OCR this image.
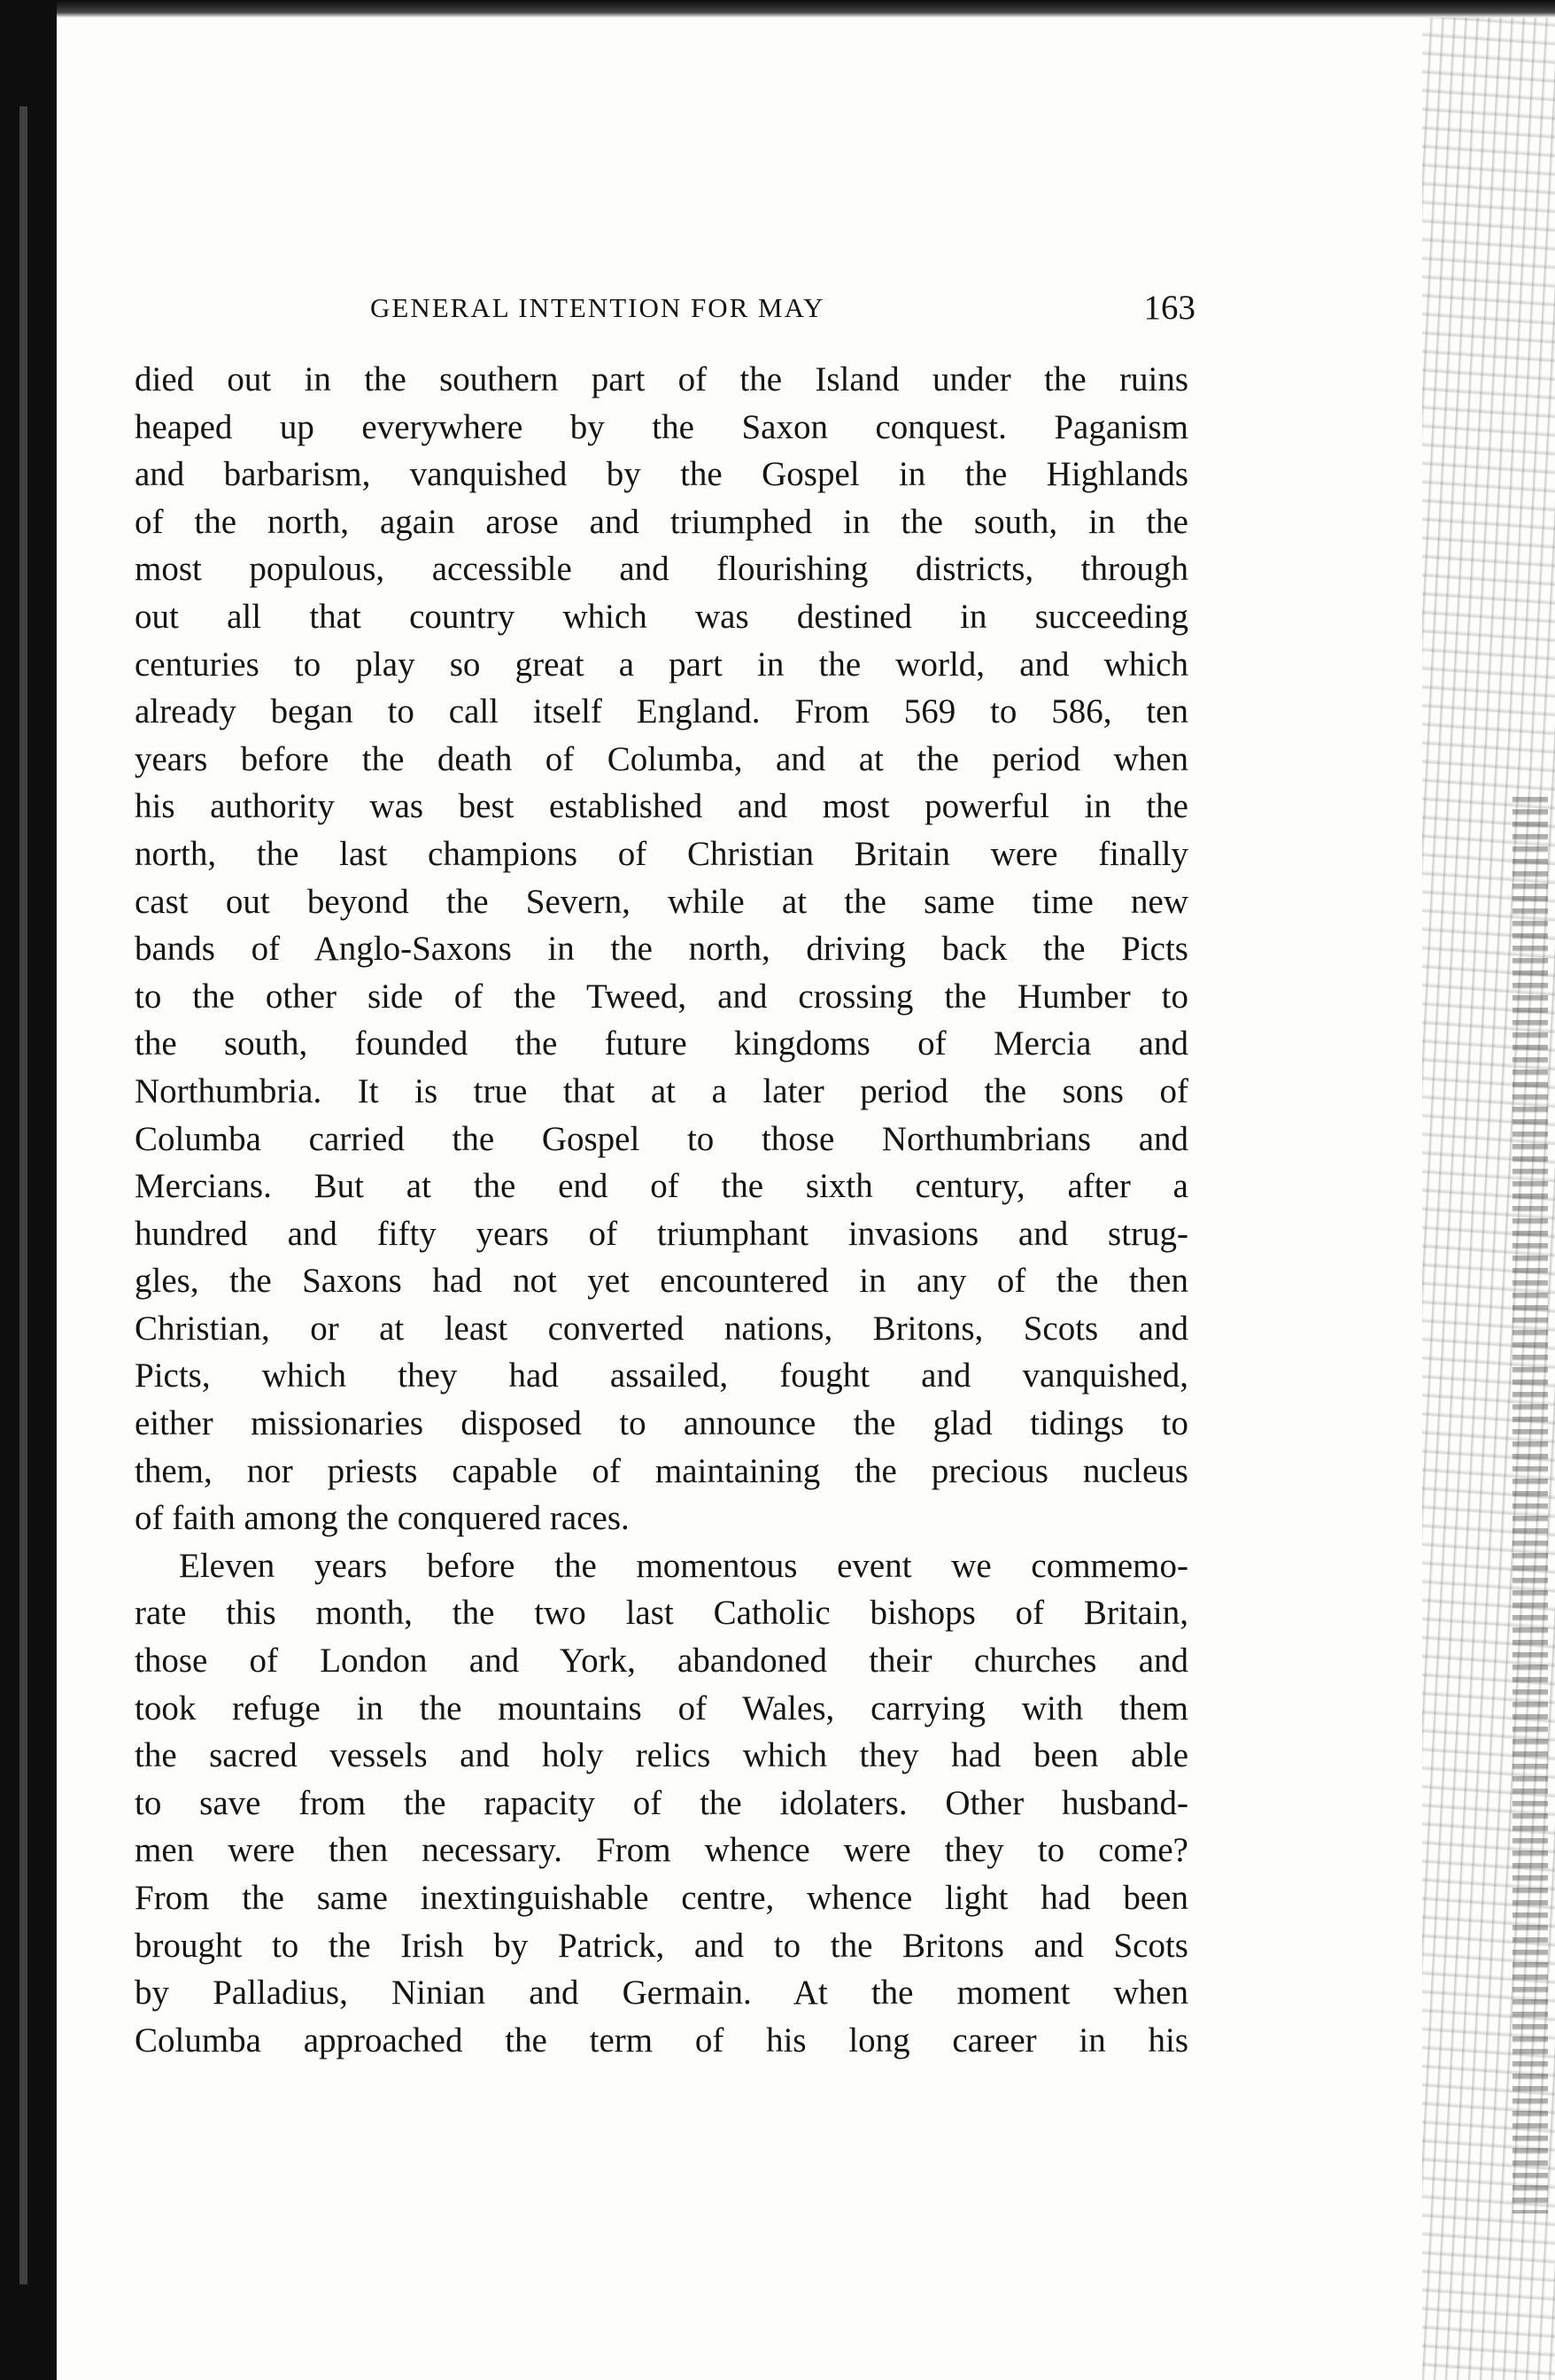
GENERAL INTENTION FOR MAY	163
died out in the southern part of the Island under the ruins
heaped up everywhere by the Saxon conquest. Paganism
and barbarism, vanquished by the Gospel in the Highlands
of the north, again arose and triumphed in the south, in the
most populous, accessible and flourishing districts, through
out all that country which was destined in succeeding
centuries to play so great a part in the world, and which
already began to call itself England. From 569 to 586, ten
years before the death of Columba, and at the period when
his authority was best established and most powerful in the
north, the last champions of Christian Britain were finally
cast out beyond the Severn, while at the same time new
bands of Anglo-Saxons in the north, driving back the Picts
to the other side of the Tweed, and crossing the Humber to
the south, founded the future kingdoms of Mercia and
Northumbria. It is true that at a later period the sons of
Columba carried the Gospel to those Northumbrians and
Mercians. But at the end of the sixth century, after a
hundred and fifty years of triumphant invasions and strug-
gles, the Saxons had not yet encountered in any of the then
Christian, or at least converted nations, Britons, Scots and
Picts, which they had assailed, fought and vanquished,
either missionaries disposed to announce the glad tidings to
them, nor priests capable of maintaining the precious nucleus
of faith among the conquered races.
Eleven years before the momentous event we commemo-
rate this month, the two last Catholic bishops of Britain,
those of London and York, abandoned their churches and
took refuge in the mountains of Wales, carrying with them
the sacred vessels and holy relics which they had been able
to save from the rapacity of the idolaters. Other husband-
men were then necessary. From whence were they to come?
From the same inextinguishable centre, whence light had been
brought to the Irish by Patrick, and to the Britons and Scots
by Palladius, Ninian and Germain. At the moment when
Columba approached the term of his long career in his
